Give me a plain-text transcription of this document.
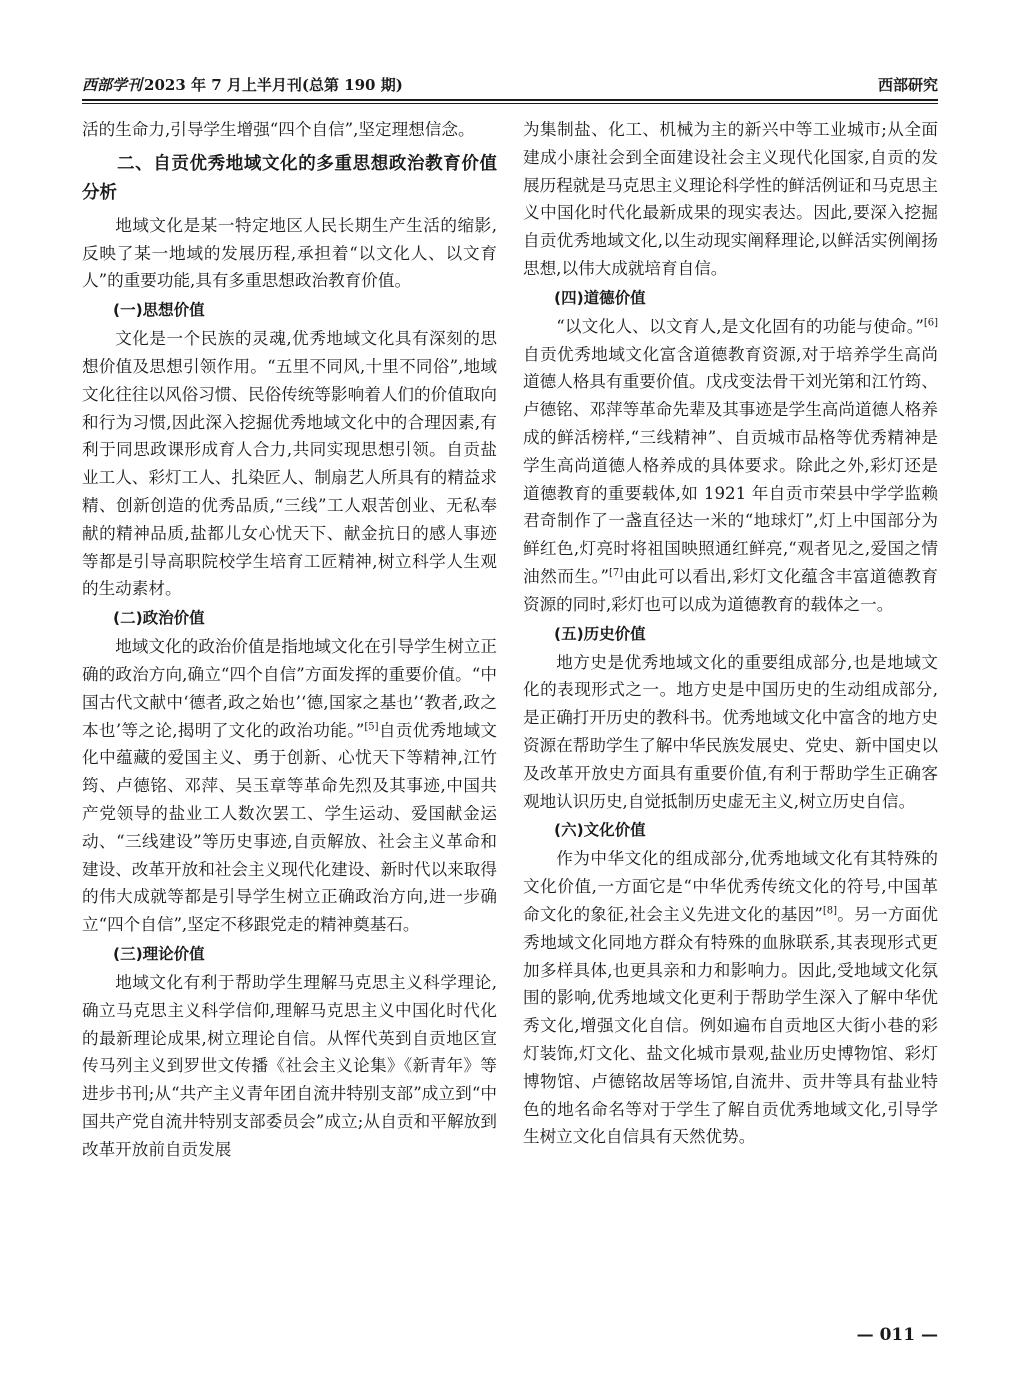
西部学刊 2023 年 7 月上半月刊(总第 190 期)	西部研究

活的生命力,引导学生增强“四个自信”,坚定理想信念。

二、自贡优秀地域文化的多重思想政治教育价值分析

地域文化是某一特定地区人民长期生产生活的缩影,反映了某一地域的发展历程,承担着“以文化人、以文育人”的重要功能,具有多重思想政治教育价值。

(一)思想价值

文化是一个民族的灵魂,优秀地域文化具有深刻的思想价值及思想引领作用。“五里不同风,十里不同俗”,地域文化往往以风俗习惯、民俗传统等影响着人们的价值取向和行为习惯,因此深入挖掘优秀地域文化中的合理因素,有利于同思政课形成育人合力,共同实现思想引领。自贡盐业工人、彩灯工人、扎染匠人、制扇艺人所具有的精益求精、创新创造的优秀品质,“三线”工人艰苦创业、无私奉献的精神品质,盐都儿女心忧天下、献金抗日的感人事迹等都是引导高职院校学生培育工匠精神,树立科学人生观的生动素材。

(二)政治价值

地域文化的政治价值是指地域文化在引导学生树立正确的政治方向,确立“四个自信”方面发挥的重要价值。“中国古代文献中‘德者,政之始也’‘德,国家之基也’‘教者,政之本也’等之论,揭明了文化的政治功能。”[5]自贡优秀地域文化中蕴藏的爱国主义、勇于创新、心忧天下等精神,江竹筠、卢德铭、邓萍、吴玉章等革命先烈及其事迹,中国共产党领导的盐业工人数次罢工、学生运动、爱国献金运动、“三线建设”等历史事迹,自贡解放、社会主义革命和建设、改革开放和社会主义现代化建设、新时代以来取得的伟大成就等都是引导学生树立正确政治方向,进一步确立“四个自信”,坚定不移跟党走的精神奠基石。

(三)理论价值

地域文化有利于帮助学生理解马克思主义科学理论,确立马克思主义科学信仰,理解马克思主义中国化时代化的最新理论成果,树立理论自信。从恽代英到自贡地区宣传马列主义到罗世文传播《社会主义论集》《新青年》等进步书刊;从“共产主义青年团自流井特别支部”成立到“中国共产党自流井特别支部委员会”成立;从自贡和平解放到改革开放前自贡发展

为集制盐、化工、机械为主的新兴中等工业城市;从全面建成小康社会到全面建设社会主义现代化国家,自贡的发展历程就是马克思主义理论科学性的鲜活例证和马克思主义中国化时代化最新成果的现实表达。因此,要深入挖掘自贡优秀地域文化,以生动现实阐释理论,以鲜活实例阐扬思想,以伟大成就培育自信。

(四)道德价值

“以文化人、以文育人,是文化固有的功能与使命。”[6]自贡优秀地域文化富含道德教育资源,对于培养学生高尚道德人格具有重要价值。戊戌变法骨干刘光第和江竹筠、卢德铭、邓萍等革命先辈及其事迹是学生高尚道德人格养成的鲜活榜样,“三线精神”、自贡城市品格等优秀精神是学生高尚道德人格养成的具体要求。除此之外,彩灯还是道德教育的重要载体,如 1921 年自贡市荣县中学学监赖君奇制作了一盏直径达一米的“地球灯”,灯上中国部分为鲜红色,灯亮时将祖国映照通红鲜亮,“观者见之,爱国之情油然而生。”[7]由此可以看出,彩灯文化蕴含丰富道德教育资源的同时,彩灯也可以成为道德教育的载体之一。

(五)历史价值

地方史是优秀地域文化的重要组成部分,也是地域文化的表现形式之一。地方史是中国历史的生动组成部分,是正确打开历史的教科书。优秀地域文化中富含的地方史资源在帮助学生了解中华民族发展史、党史、新中国史以及改革开放史方面具有重要价值,有利于帮助学生正确客观地认识历史,自觉抵制历史虚无主义,树立历史自信。

(六)文化价值

作为中华文化的组成部分,优秀地域文化有其特殊的文化价值,一方面它是“中华优秀传统文化的符号,中国革命文化的象征,社会主义先进文化的基因”[8]。另一方面优秀地域文化同地方群众有特殊的血脉联系,其表现形式更加多样具体,也更具亲和力和影响力。因此,受地域文化氛围的影响,优秀地域文化更利于帮助学生深入了解中华优秀文化,增强文化自信。例如遍布自贡地区大街小巷的彩灯装饰,灯文化、盐文化城市景观,盐业历史博物馆、彩灯博物馆、卢德铭故居等场馆,自流井、贡井等具有盐业特色的地名命名等对于学生了解自贡优秀地域文化,引导学生树立文化自信具有天然优势。

— 011 —
